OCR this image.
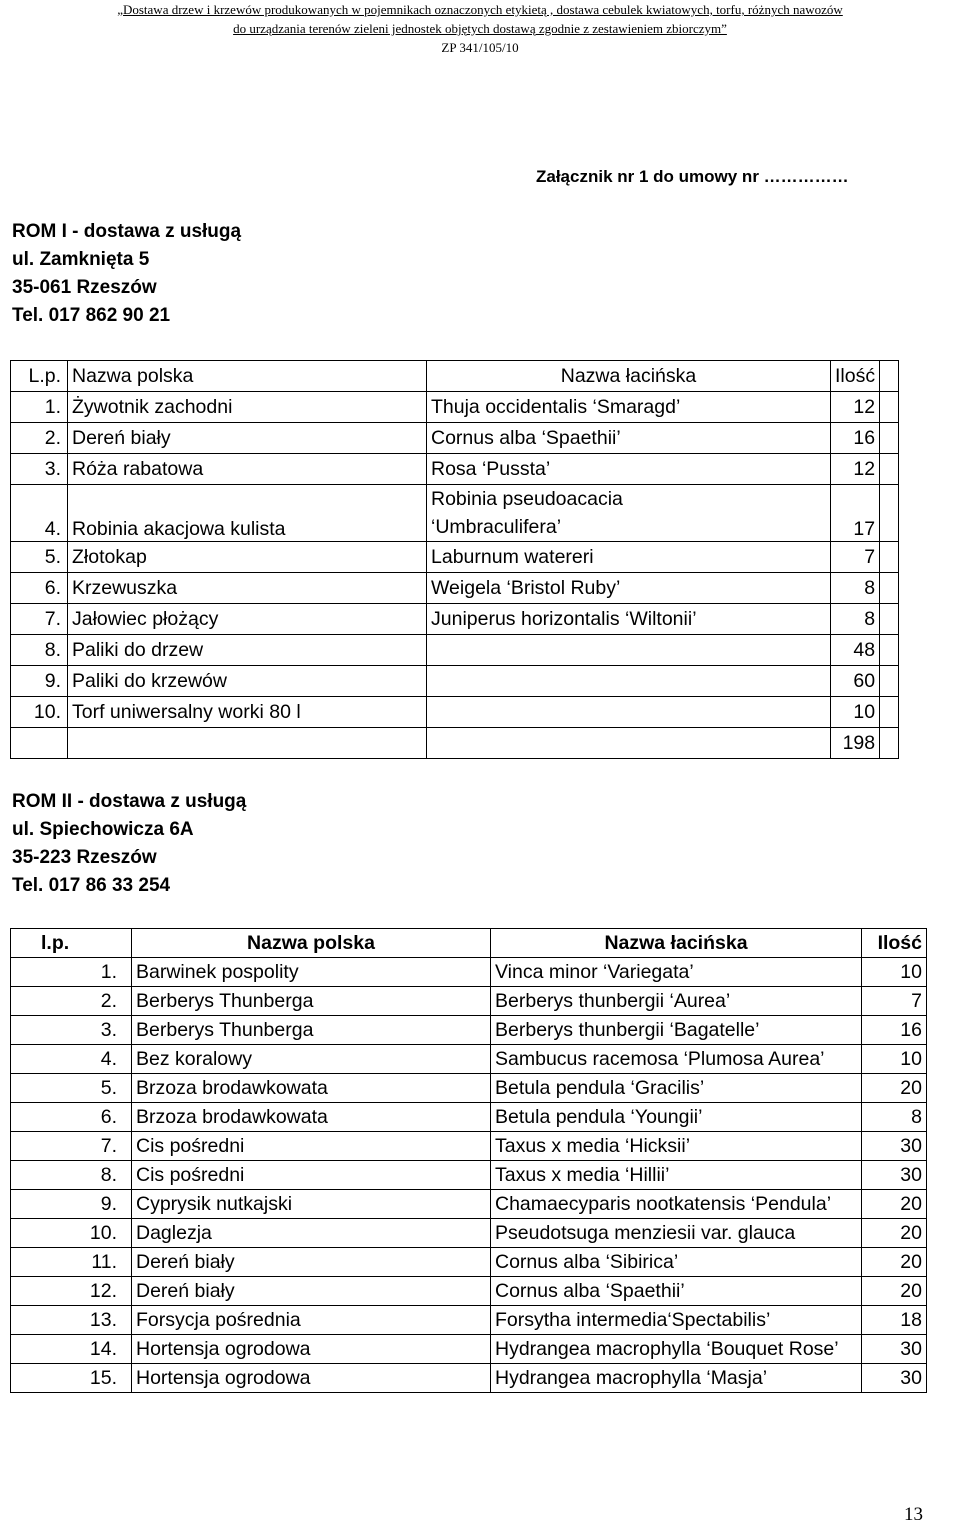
„Dostawa drzew i krzewów produkowanych w pojemnikach oznaczonych etykietą , dostawa cebulek kwiatowych, torfu, różnych nawozów
do urządzania terenów zieleni jednostek objętych dostawą zgodnie z zestawieniem zbiorczym”
ZP 341/105/10
Załącznik nr 1 do umowy nr ……………
ROM I - dostawa z usługą
ul. Zamknięta 5
35-061 Rzeszów
Tel. 017 862 90 21
L.p.	Nazwa polska	Nazwa łacińska	Ilość	
1.	Żywotnik zachodni	Thuja occidentalis ‘Smaragd’	12	
2.	Dereń biały	Cornus alba ‘Spaethii’	16	
3.	Róża rabatowa	Rosa ‘Pussta’	12	
4.	Robinia akacjowa kulista	Robinia pseudoacacia
‘Umbraculifera’	17	
5.	Złotokap	Laburnum watereri	7	
6.	Krzewuszka	Weigela ‘Bristol Ruby’	8	
7.	Jałowiec płożący	Juniperus horizontalis ‘Wiltonii’	8	
8.	Paliki do drzew		48	
9.	Paliki do krzewów		60	
10.	Torf uniwersalny worki 80 l		10	
			198	
ROM II - dostawa z usługą
ul. Spiechowicza 6A
35-223 Rzeszów
Tel. 017 86 33 254
l.p.	Nazwa polska	Nazwa łacińska	Ilość
1.	Barwinek pospolity	Vinca minor ‘Variegata’	10
2.	Berberys Thunberga	Berberys thunbergii ‘Aurea’	7
3.	Berberys Thunberga	Berberys thunbergii ‘Bagatelle’	16
4.	Bez koralowy	Sambucus racemosa ‘Plumosa Aurea’	10
5.	Brzoza brodawkowata	Betula pendula ‘Gracilis’	20
6.	Brzoza brodawkowata	Betula pendula ‘Youngii’	8
7.	Cis pośredni	Taxus x media ‘Hicksii’	30
8.	Cis pośredni	Taxus x media ‘Hillii’	30
9.	Cyprysik nutkajski	Chamaecyparis nootkatensis ‘Pendula’	20
10.	Daglezja	Pseudotsuga menziesii var. glauca	20
11.	Dereń biały	Cornus alba ‘Sibirica’	20
12.	Dereń biały	Cornus alba ‘Spaethii’	20
13.	Forsycja pośrednia	Forsytha intermedia‘Spectabilis’	18
14.	Hortensja ogrodowa	Hydrangea macrophylla ‘Bouquet Rose’	30
15.	Hortensja ogrodowa	Hydrangea macrophylla ‘Masja’	30
13
